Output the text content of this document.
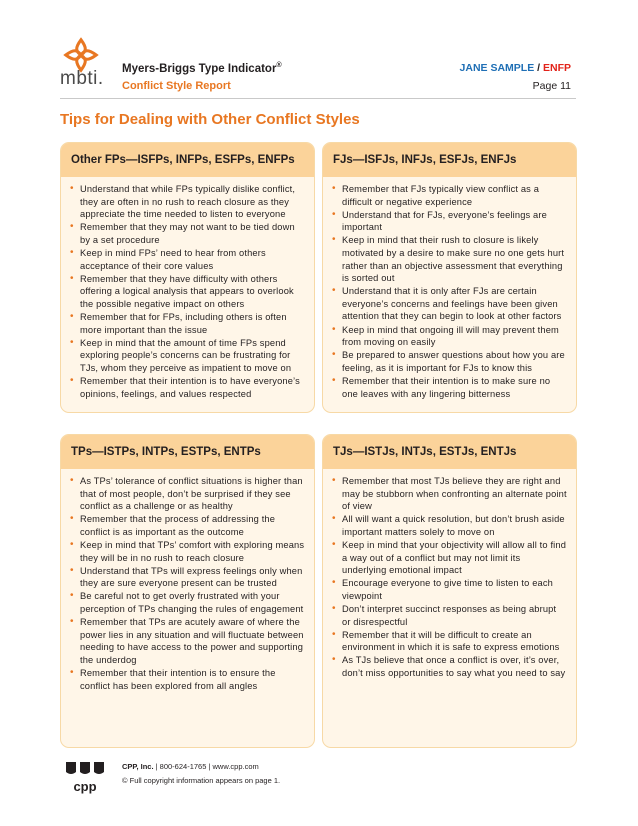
mbti. Myers-Briggs Type Indicator®
Conflict Style Report
JANE SAMPLE / ENFP
Page 11
Tips for Dealing with Other Conflict Styles
Other FPs—ISFPs, INFPs, ESFPs, ENFPs
• Understand that while FPs typically dislike conflict, they are often in no rush to reach closure as they appreciate the time needed to listen to everyone
• Remember that they may not want to be tied down by a set procedure
• Keep in mind FPs’ need to hear from others acceptance of their core values
• Remember that they have difficulty with others offering a logical analysis that appears to overlook the possible negative impact on others
• Remember that for FPs, including others is often more important than the issue
• Keep in mind that the amount of time FPs spend exploring people’s concerns can be frustrating for TJs, whom they perceive as impatient to move on
• Remember that their intention is to have everyone’s opinions, feelings, and values respected
FJs—ISFJs, INFJs, ESFJs, ENFJs
• Remember that FJs typically view conflict as a difficult or negative experience
• Understand that for FJs, everyone’s feelings are important
• Keep in mind that their rush to closure is likely motivated by a desire to make sure no one gets hurt rather than an objective assessment that everything is sorted out
• Understand that it is only after FJs are certain everyone’s concerns and feelings have been given attention that they can begin to look at other factors
• Keep in mind that ongoing ill will may prevent them from moving on easily
• Be prepared to answer questions about how you are feeling, as it is important for FJs to know this
• Remember that their intention is to make sure no one leaves with any lingering bitterness
TPs—ISTPs, INTPs, ESTPs, ENTPs
• As TPs’ tolerance of conflict situations is higher than that of most people, don’t be surprised if they see conflict as a challenge or as healthy
• Remember that the process of addressing the conflict is as important as the outcome
• Keep in mind that TPs’ comfort with exploring means they will be in no rush to reach closure
• Understand that TPs will express feelings only when they are sure everyone present can be trusted
• Be careful not to get overly frustrated with your perception of TPs changing the rules of engagement
• Remember that TPs are acutely aware of where the power lies in any situation and will fluctuate between needing to have access to the power and supporting the underdog
• Remember that their intention is to ensure the conflict has been explored from all angles
TJs—ISTJs, INTJs, ESTJs, ENTJs
• Remember that most TJs believe they are right and may be stubborn when confronting an alternate point of view
• All will want a quick resolution, but don’t brush aside important matters solely to move on
• Keep in mind that your objectivity will allow all to find a way out of a conflict but may not limit its underlying emotional impact
• Encourage everyone to give time to listen to each viewpoint
• Don’t interpret succinct responses as being abrupt or disrespectful
• Remember that it will be difficult to create an environment in which it is safe to express emotions
• As TJs believe that once a conflict is over, it’s over, don’t miss opportunities to say what you need to say
cpp
CPP, Inc. | 800-624-1765 | www.cpp.com
© Full copyright information appears on page 1.
